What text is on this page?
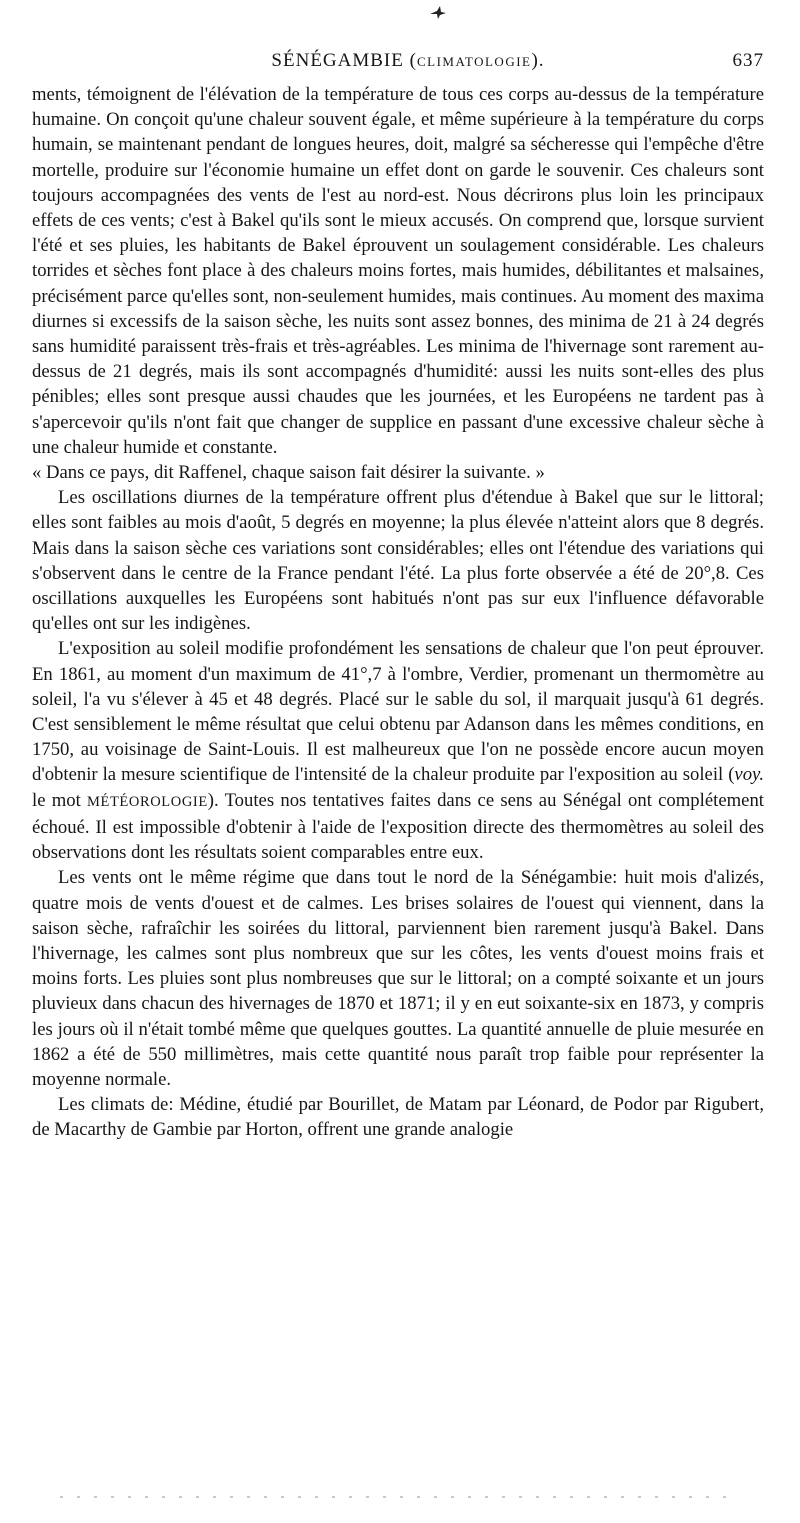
SÉNÉGAMBIE (CLIMATOLOGIE).	637

ments, témoignent de l'élévation de la température de tous ces corps au-dessus de la température humaine. On conçoit qu'une chaleur souvent égale, et même supérieure à la température du corps humain, se maintenant pendant de longues heures, doit, malgré sa sécheresse qui l'empêche d'être mortelle, produire sur l'économie humaine un effet dont on garde le souvenir. Ces chaleurs sont toujours accompagnées des vents de l'est au nord-est. Nous décrirons plus loin les principaux effets de ces vents; c'est à Bakel qu'ils sont le mieux accusés. On comprend que, lorsque survient l'été et ses pluies, les habitants de Bakel éprouvent un soulagement considérable. Les chaleurs torrides et sèches font place à des chaleurs moins fortes, mais humides, débilitantes et malsaines, précisément parce qu'elles sont, non-seulement humides, mais continues. Au moment des maxima diurnes si excessifs de la saison sèche, les nuits sont assez bonnes, des minima de 21 à 24 degrés sans humidité paraissent très-frais et très-agréables. Les minima de l'hivernage sont rarement au-dessus de 21 degrés, mais ils sont accompagnés d'humidité: aussi les nuits sont-elles des plus pénibles; elles sont presque aussi chaudes que les journées, et les Européens ne tardent pas à s'apercevoir qu'ils n'ont fait que changer de supplice en passant d'une excessive chaleur sèche à une chaleur humide et constante.

« Dans ce pays, dit Raffenel, chaque saison fait désirer la suivante. »

Les oscillations diurnes de la température offrent plus d'étendue à Bakel que sur le littoral; elles sont faibles au mois d'août, 5 degrés en moyenne; la plus élevée n'atteint alors que 8 degrés. Mais dans la saison sèche ces variations sont considérables; elles ont l'étendue des variations qui s'observent dans le centre de la France pendant l'été. La plus forte observée a été de 20°,8. Ces oscillations auxquelles les Européens sont habitués n'ont pas sur eux l'influence défavorable qu'elles ont sur les indigènes.

L'exposition au soleil modifie profondément les sensations de chaleur que l'on peut éprouver. En 1861, au moment d'un maximum de 41°,7 à l'ombre, Verdier, promenant un thermomètre au soleil, l'a vu s'élever à 45 et 48 degrés. Placé sur le sable du sol, il marquait jusqu'à 61 degrés. C'est sensiblement le même résultat que celui obtenu par Adanson dans les mêmes conditions, en 1750, au voisinage de Saint-Louis. Il est malheureux que l'on ne possède encore aucun moyen d'obtenir la mesure scientifique de l'intensité de la chaleur produite par l'exposition au soleil (voy. le mot MÉTÉOROLOGIE). Toutes nos tentatives faites dans ce sens au Sénégal ont complétement échoué. Il est impossible d'obtenir à l'aide de l'exposition directe des thermomètres au soleil des observations dont les résultats soient comparables entre eux.

Les vents ont le même régime que dans tout le nord de la Sénégambie: huit mois d'alizés, quatre mois de vents d'ouest et de calmes. Les brises solaires de l'ouest qui viennent, dans la saison sèche, rafraîchir les soirées du littoral, parviennent bien rarement jusqu'à Bakel. Dans l'hivernage, les calmes sont plus nombreux que sur les côtes, les vents d'ouest moins frais et moins forts. Les pluies sont plus nombreuses que sur le littoral; on a compté soixante et un jours pluvieux dans chacun des hivernages de 1870 et 1871; il y en eut soixante-six en 1873, y compris les jours où il n'était tombé même que quelques gouttes. La quantité annuelle de pluie mesurée en 1862 a été de 550 millimètres, mais cette quantité nous paraît trop faible pour représenter la moyenne normale.

Les climats de: Médine, étudié par Bourillet, de Matam par Léonard, de Podor par Rigubert, de Macarthy de Gambie par Horton, offrent une grande analogie
